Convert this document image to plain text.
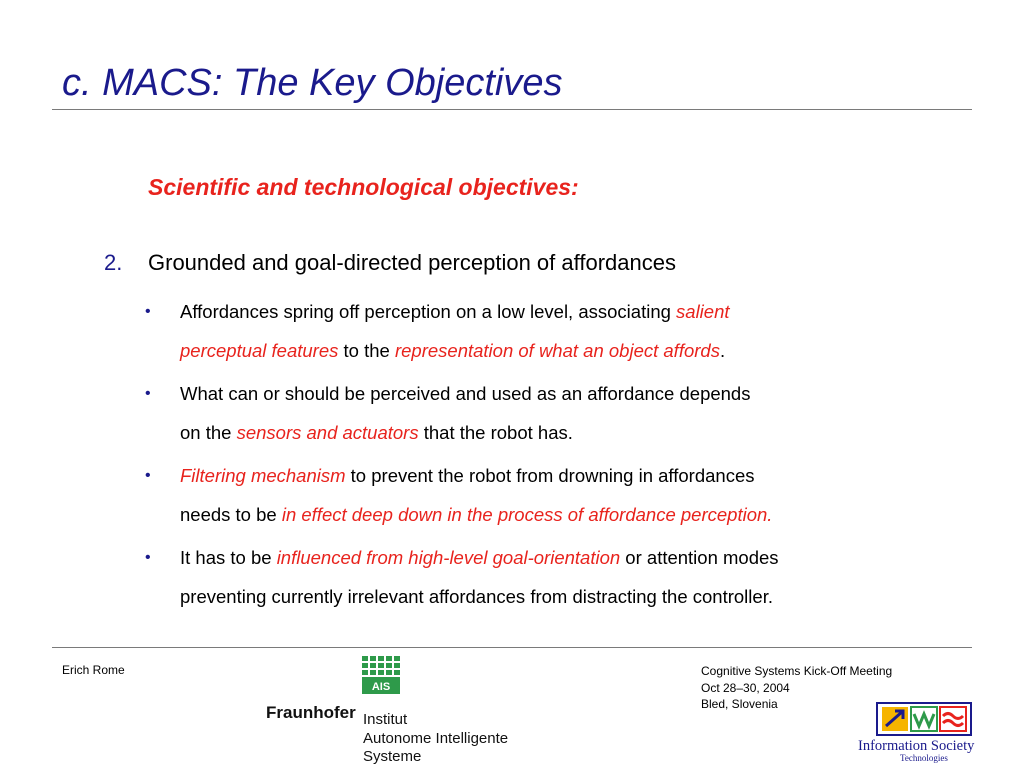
c. MACS: The Key Objectives
Scientific and technological objectives:
2. Grounded and goal-directed perception of affordances
• Affordances spring off perception on a low level, associating salient
perceptual features to the representation of what an object affords.
• What can or should be perceived and used as an affordance depends
on the sensors and actuators that the robot has.
• Filtering mechanism to prevent the robot from drowning in affordances
needs to be in effect deep down in the process of affordance perception.
• It has to be influenced from high-level goal-orientation or attention modes
preventing currently irrelevant affordances from distracting the controller.
Erich Rome	Cognitive Systems Kick-Off Meeting
Oct 28–30, 2004
Bled, Slovenia
AIS
Fraunhofer Institut
Autonome Intelligente
Systeme
Information Society
Technologies
